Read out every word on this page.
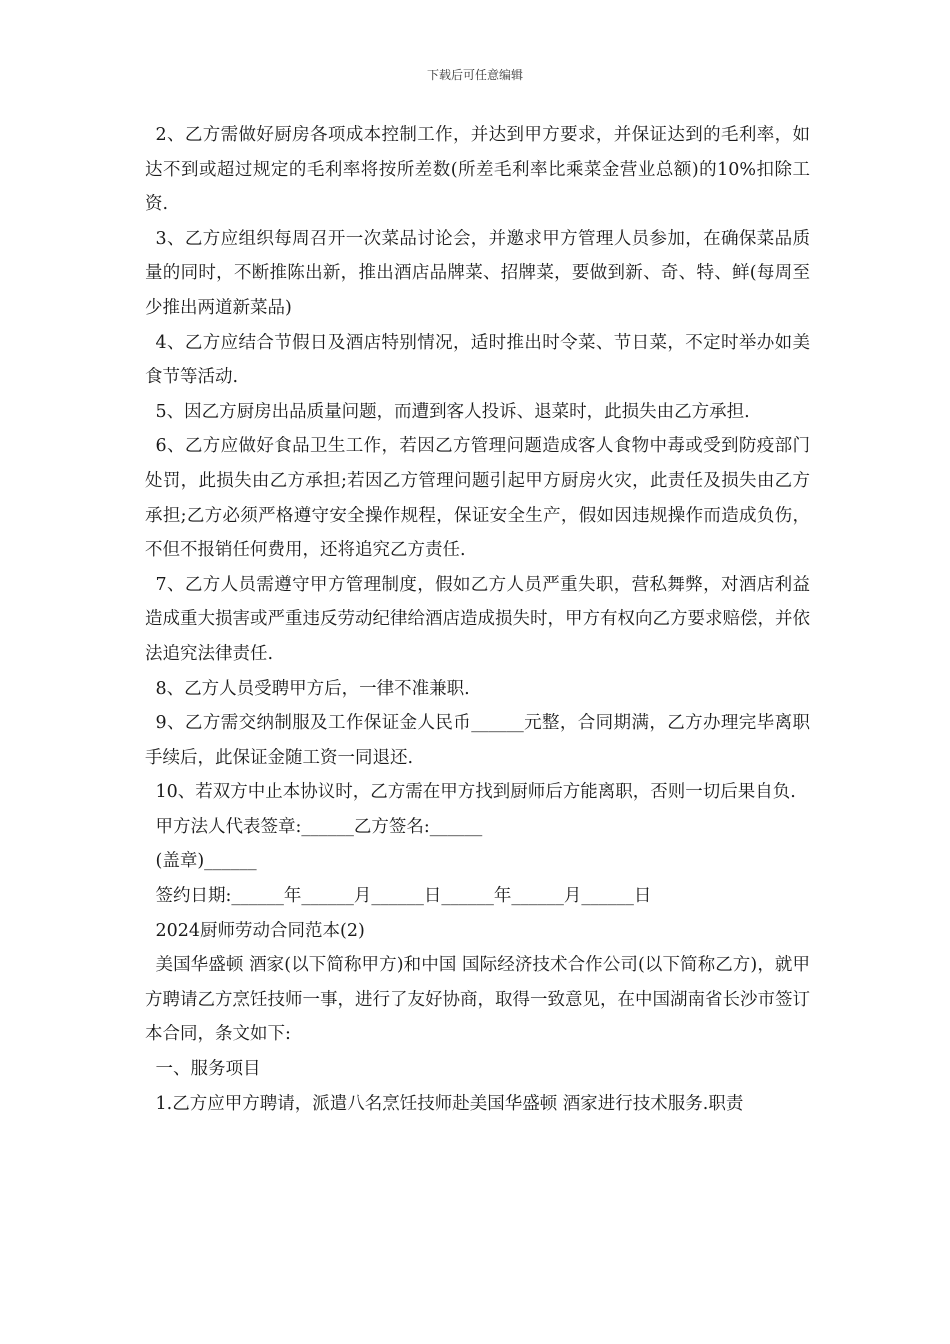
下载后可任意编辑

2、乙方需做好厨房各项成本控制工作，并达到甲方要求，并保证达到的毛利率，如达不到或超过规定的毛利率将按所差数(所差毛利率比乘菜金营业总额)的10%扣除工资.

3、乙方应组织每周召开一次菜品讨论会，并邀求甲方管理人员参加，在确保菜品质量的同时，不断推陈出新，推出酒店品牌菜、招牌菜，要做到新、奇、特、鲜(每周至少推出两道新菜品)

4、乙方应结合节假日及酒店特别情况，适时推出时令菜、节日菜，不定时举办如美食节等活动.

5、因乙方厨房出品质量问题，而遭到客人投诉、退菜时，此损失由乙方承担.

6、乙方应做好食品卫生工作，若因乙方管理问题造成客人食物中毒或受到防疫部门处罚，此损失由乙方承担;若因乙方管理问题引起甲方厨房火灾，此责任及损失由乙方承担;乙方必须严格遵守安全操作规程，保证安全生产，假如因违规操作而造成负伤，不但不报销任何费用，还将追究乙方责任.

7、乙方人员需遵守甲方管理制度，假如乙方人员严重失职，营私舞弊，对酒店利益造成重大损害或严重违反劳动纪律给酒店造成损失时，甲方有权向乙方要求赔偿，并依法追究法律责任.

8、乙方人员受聘甲方后，一律不准兼职.

9、乙方需交纳制服及工作保证金人民币______元整，合同期满，乙方办理完毕离职手续后，此保证金随工资一同退还.

10、若双方中止本协议时，乙方需在甲方找到厨师后方能离职，否则一切后果自负.

甲方法人代表签章:______乙方签名:______

(盖章)______

签约日期:______年______月______日______年______月______日

2024厨师劳动合同范本(2)

美国华盛顿 酒家(以下简称甲方)和中国 国际经济技术合作公司(以下简称乙方)，就甲方聘请乙方烹饪技师一事，进行了友好协商，取得一致意见，在中国湖南省长沙市签订本合同，条文如下:

一、服务项目

1.乙方应甲方聘请，派遣八名烹饪技师赴美国华盛顿 酒家进行技术服务.职责
